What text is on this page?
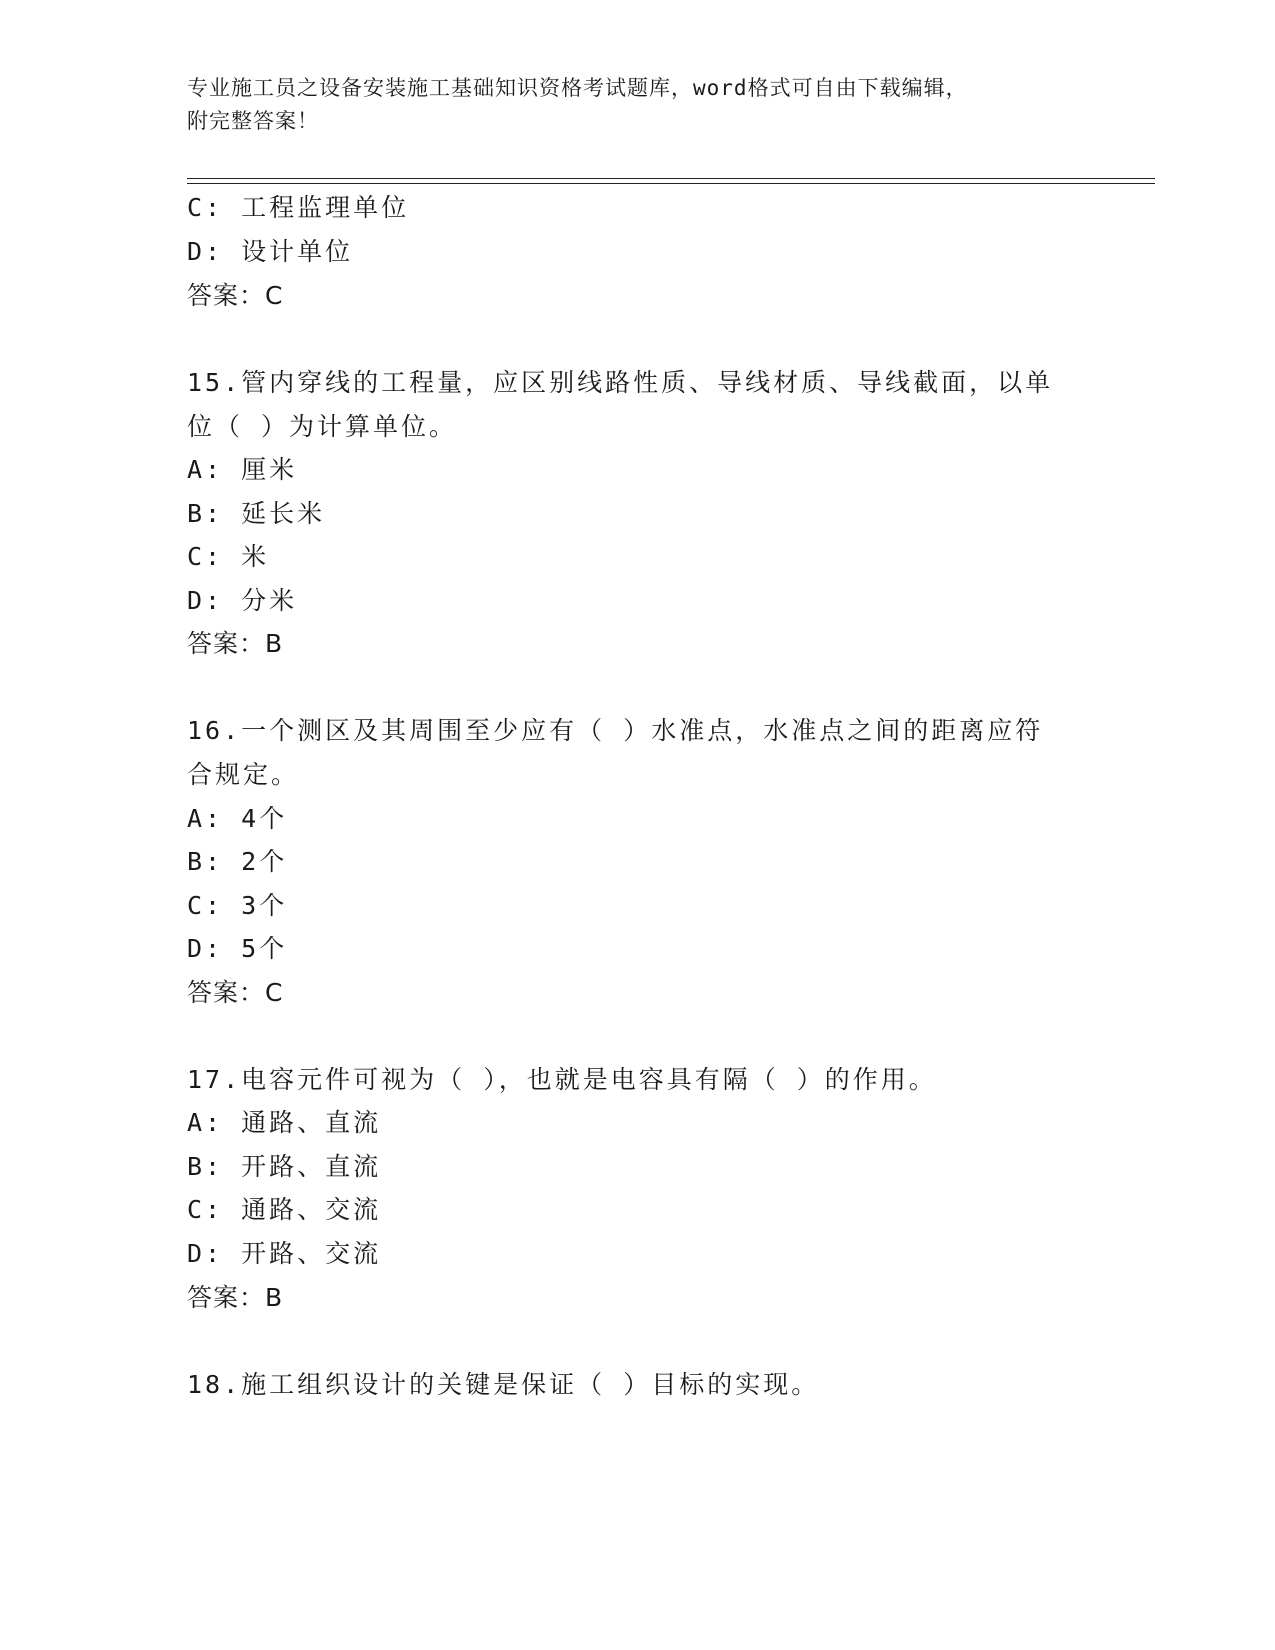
专业施工员之设备安装施工基础知识资格考试题库，word格式可自由下载编辑，
附完整答案！
C: 工程监理单位
D: 设计单位
答案：C
15.管内穿线的工程量，应区别线路性质、导线材质、导线截面，以单
位（ ）为计算单位。
A: 厘米
B: 延长米
C: 米
D: 分米
答案：B
16.一个测区及其周围至少应有（ ）水准点，水准点之间的距离应符
合规定。
A: 4个
B: 2个
C: 3个
D: 5个
答案：C
17.电容元件可视为（ ），也就是电容具有隔（ ）的作用。
A: 通路、直流
B: 开路、直流
C: 通路、交流
D: 开路、交流
答案：B
18.施工组织设计的关键是保证（ ）目标的实现。
